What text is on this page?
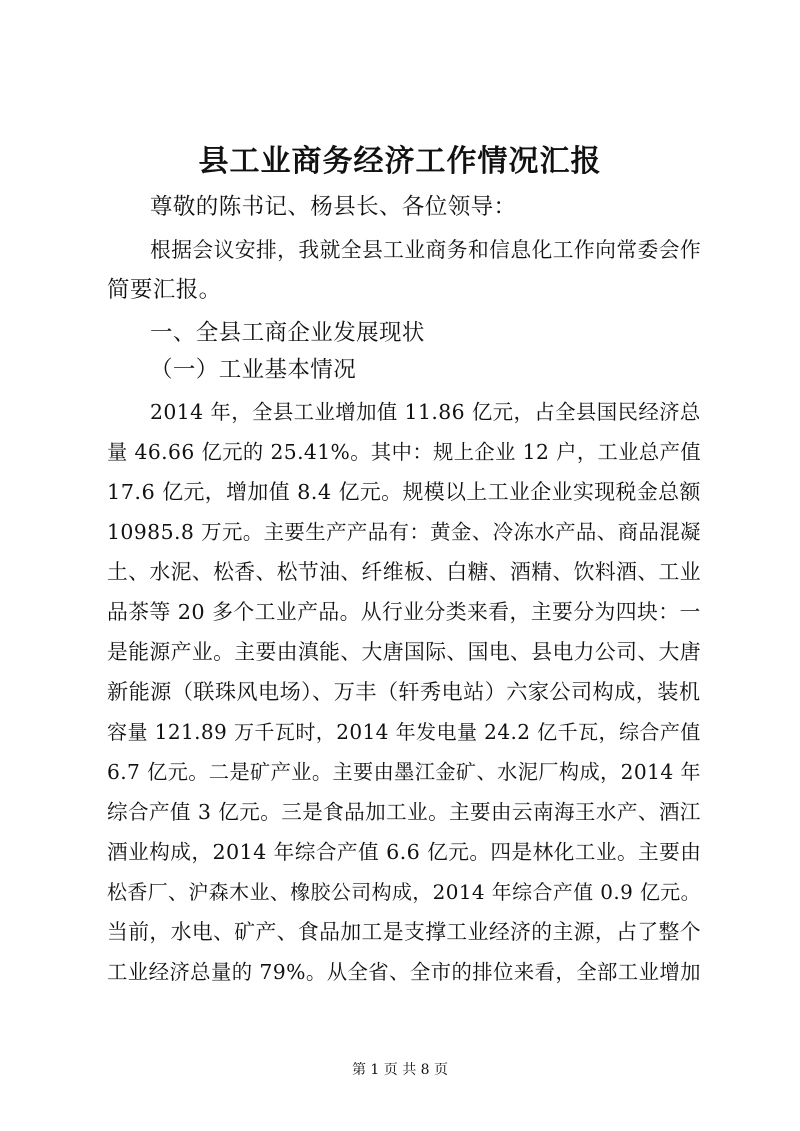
县工业商务经济工作情况汇报
尊敬的陈书记、杨县长、各位领导：
根据会议安排，我就全县工业商务和信息化工作向常委会作
简要汇报。
一、全县工商企业发展现状
（一）工业基本情况
2014 年，全县工业增加值 11.86 亿元，占全县国民经济总
量 46.66 亿元的 25.41%。其中：规上企业 12 户，工业总产值
17.6 亿元，增加值 8.4 亿元。规模以上工业企业实现税金总额
10985.8 万元。主要生产产品有：黄金、冷冻水产品、商品混凝
土、水泥、松香、松节油、纤维板、白糖、酒精、饮料酒、工业
品茶等 20 多个工业产品。从行业分类来看，主要分为四块：一
是能源产业。主要由滇能、大唐国际、国电、县电力公司、大唐
新能源（联珠风电场）、万丰（轩秀电站）六家公司构成，装机
容量 121.89 万千瓦时，2014 年发电量 24.2 亿千瓦，综合产值
6.7 亿元。二是矿产业。主要由墨江金矿、水泥厂构成，2014 年
综合产值 3 亿元。三是食品加工业。主要由云南海王水产、酒江
酒业构成，2014 年综合产值 6.6 亿元。四是林化工业。主要由
松香厂、沪森木业、橡胶公司构成，2014 年综合产值 0.9 亿元。
当前，水电、矿产、食品加工是支撑工业经济的主源，占了整个
工业经济总量的 79%。从全省、全市的排位来看，全部工业增加
第 1 页 共 8 页
